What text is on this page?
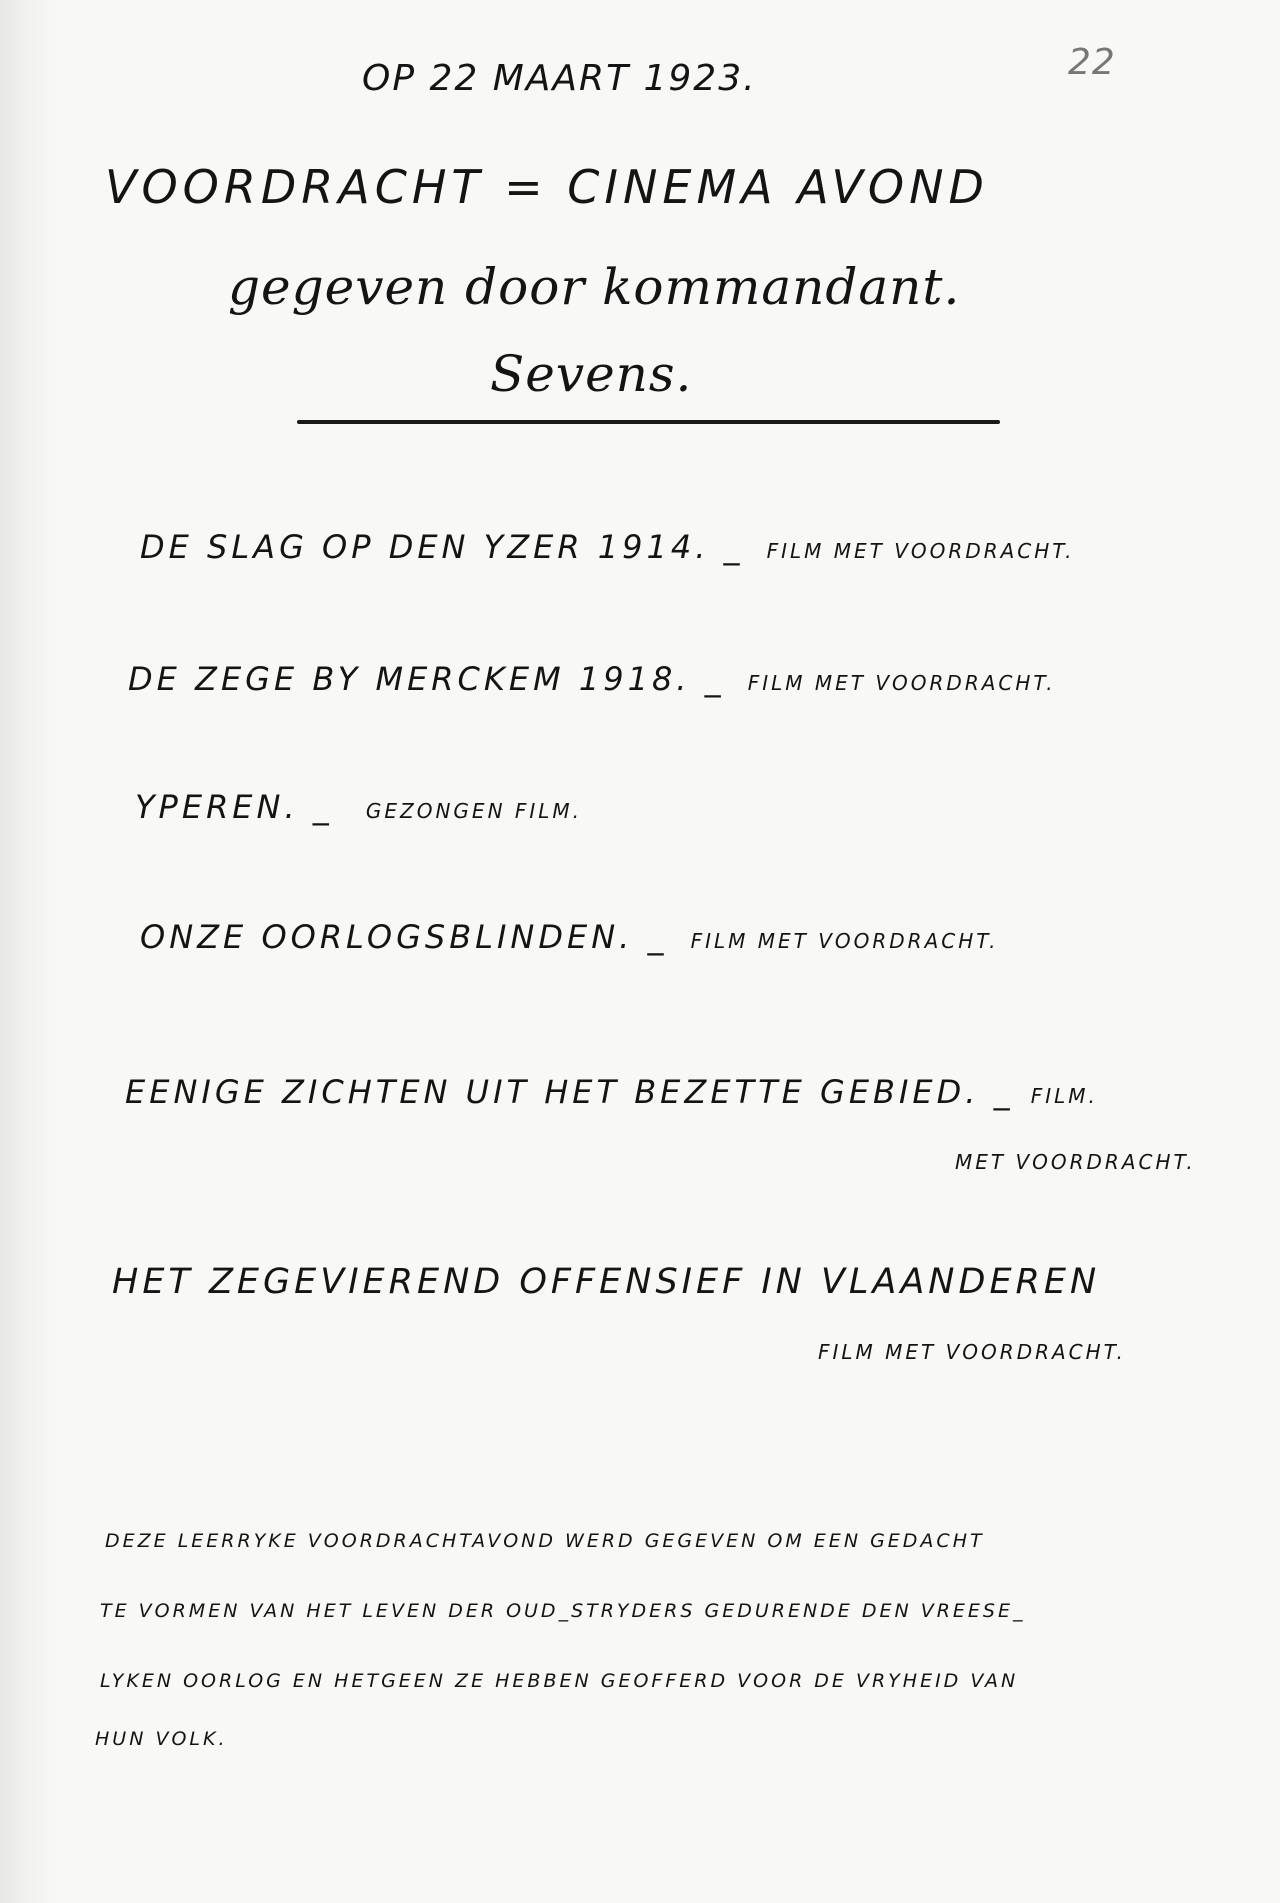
22
OP 22 MAART 1923.
VOORDRACHT = CINEMA AVOND
gegeven door kommandant.
Sevens.
DE SLAG OP DEN YZER 1914. _ FILM MET VOORDRACHT.
DE ZEGE BY MERCKEM 1918. _ FILM MET VOORDRACHT.
YPEREN. _ GEZONGEN FILM.
ONZE OORLOGSBLINDEN. _ FILM MET VOORDRACHT.
EENIGE ZICHTEN UIT HET BEZETTE GEBIED. _ FILM.
MET VOORDRACHT.
HET ZEGEVIEREND OFFENSIEF IN VLAANDEREN
FILM MET VOORDRACHT.
DEZE LEERRYKE VOORDRACHTAVOND WERD GEGEVEN OM EEN GEDACHT
TE VORMEN VAN HET LEVEN DER OUD_STRYDERS GEDURENDE DEN VREESE_
LYKEN OORLOG EN HETGEEN ZE HEBBEN GEOFFERD VOOR DE VRYHEID VAN
HUN VOLK.
